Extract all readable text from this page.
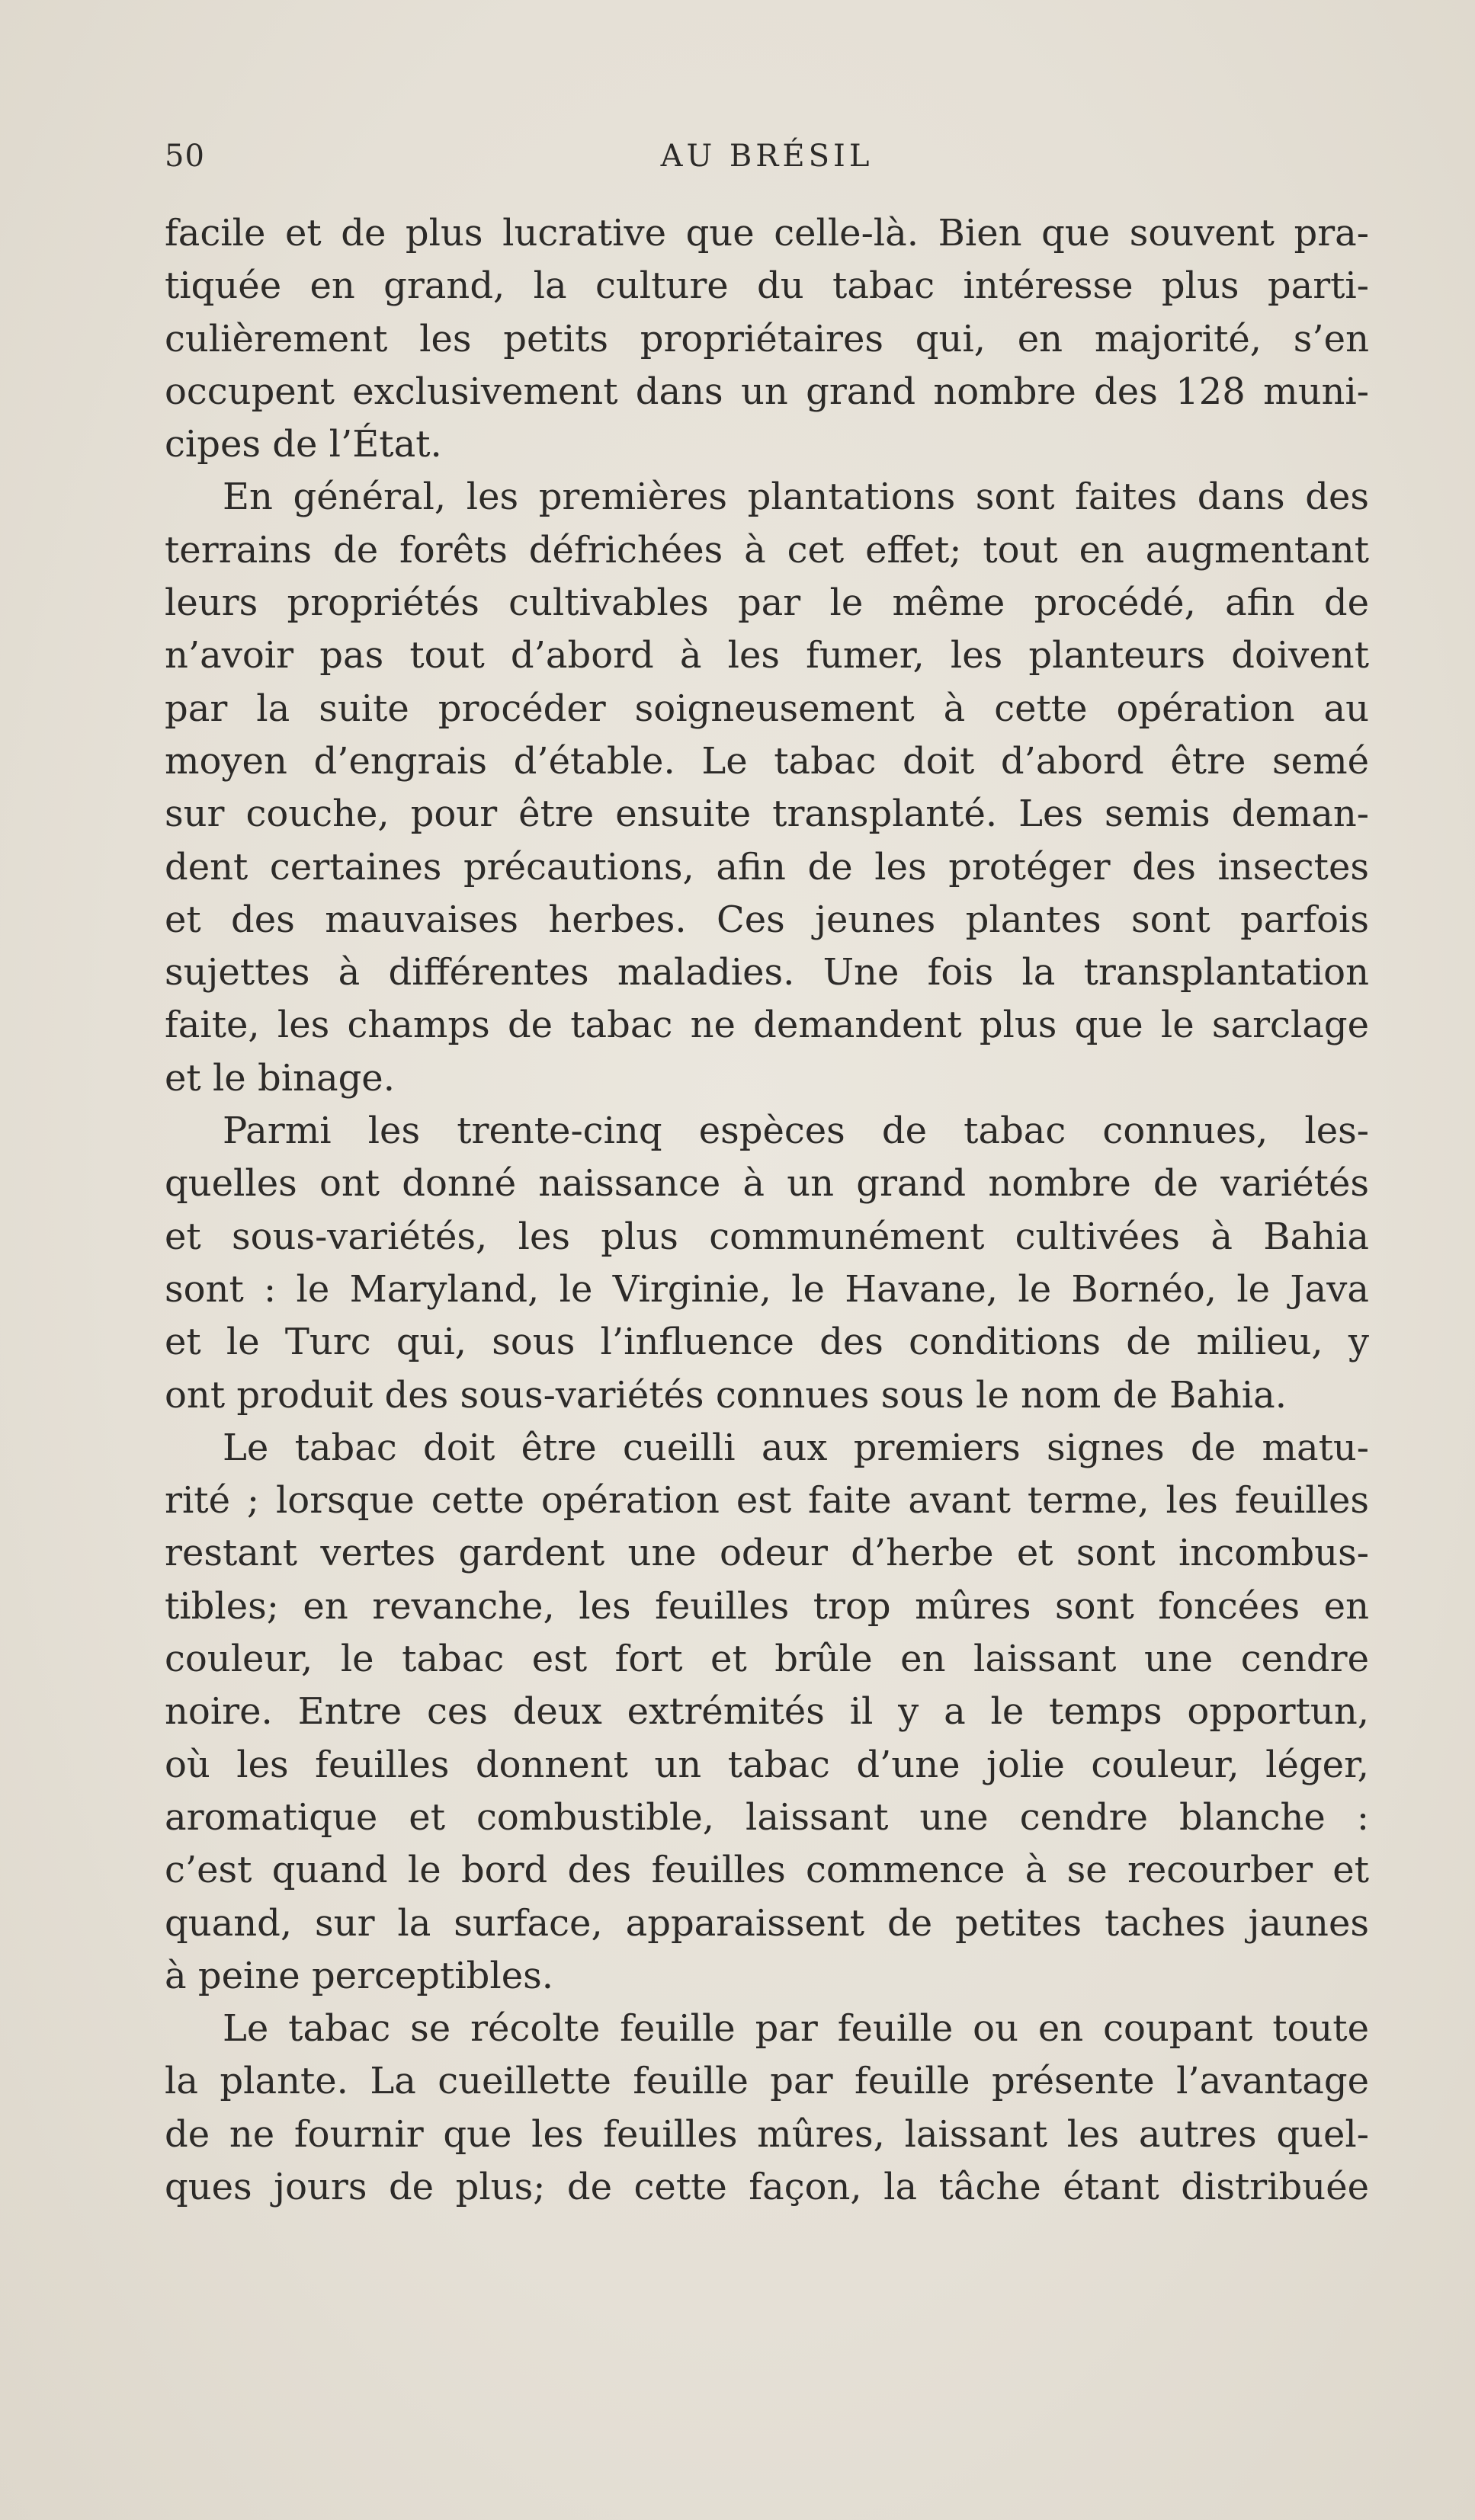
50	AU BRÉSIL
facile et de plus lucrative que celle-là. Bien que souvent pra-
tiquée en grand, la culture du tabac intéresse plus parti-
culièrement les petits propriétaires qui, en majorité, s’en
occupent exclusivement dans un grand nombre des 128 muni-
cipes de l’État.
En général, les premières plantations sont faites dans des
terrains de forêts défrichées à cet effet; tout en augmentant
leurs propriétés cultivables par le même procédé, afin de
n’avoir pas tout d’abord à les fumer, les planteurs doivent
par la suite procéder soigneusement à cette opération au
moyen d’engrais d’étable. Le tabac doit d’abord être semé
sur couche, pour être ensuite transplanté. Les semis deman-
dent certaines précautions, afin de les protéger des insectes
et des mauvaises herbes. Ces jeunes plantes sont parfois
sujettes à différentes maladies. Une fois la transplantation
faite, les champs de tabac ne demandent plus que le sarclage
et le binage.
Parmi les trente-cinq espèces de tabac connues, les-
quelles ont donné naissance à un grand nombre de variétés
et sous-variétés, les plus communément cultivées à Bahia
sont : le Maryland, le Virginie, le Havane, le Bornéo, le Java
et le Turc qui, sous l’influence des conditions de milieu, y
ont produit des sous-variétés connues sous le nom de Bahia.
Le tabac doit être cueilli aux premiers signes de matu-
rité ; lorsque cette opération est faite avant terme, les feuilles
restant vertes gardent une odeur d’herbe et sont incombus-
tibles; en revanche, les feuilles trop mûres sont foncées en
couleur, le tabac est fort et brûle en laissant une cendre
noire. Entre ces deux extrémités il y a le temps opportun,
où les feuilles donnent un tabac d’une jolie couleur, léger,
aromatique et combustible, laissant une cendre blanche :
c’est quand le bord des feuilles commence à se recourber et
quand, sur la surface, apparaissent de petites taches jaunes
à peine perceptibles.
Le tabac se récolte feuille par feuille ou en coupant toute
la plante. La cueillette feuille par feuille présente l’avantage
de ne fournir que les feuilles mûres, laissant les autres quel-
ques jours de plus; de cette façon, la tâche étant distribuée
